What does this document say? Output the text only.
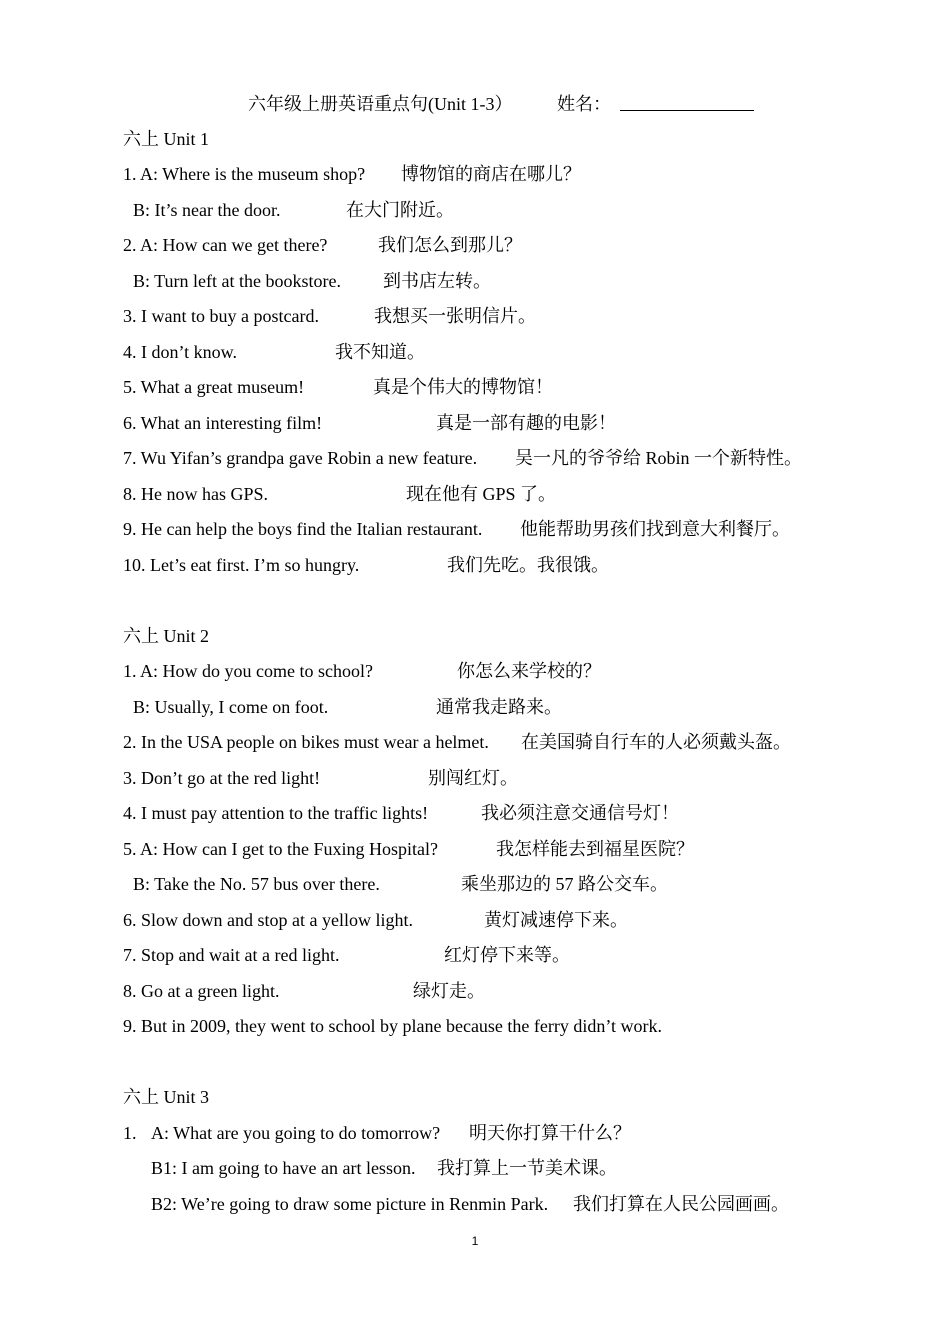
六年级上册英语重点句(Unit 1-3） 姓名：
六上 Unit 1
1. A: Where is the museum shop? 博物馆的商店在哪儿？
B: It’s near the door.	在大门附近。
2. A: How can we get there?	我们怎么到那儿？
B: Turn left at the bookstore. 到书店左转。
3. I want to buy a postcard.	我想买一张明信片。
4. I don’t know.	我不知道。
5. What a great museum!	真是个伟大的博物馆！
6. What an interesting film!	真是一部有趣的电影！
7. Wu Yifan’s grandpa gave Robin a new feature. 吴一凡的爷爷给 Robin 一个新特性。
8. He now has GPS.	现在他有 GPS 了。
9. He can help the boys find the Italian restaurant. 他能帮助男孩们找到意大利餐厅。
10. Let’s eat first. I’m so hungry.	我们先吃。我很饿。
六上 Unit 2
1. A: How do you come to school?	你怎么来学校的？
B: Usually, I come on foot.	通常我走路来。
2. In the USA people on bikes must wear a helmet. 在美国骑自行车的人必须戴头盔。
3. Don’t go at the red light!	别闯红灯。
4. I must pay attention to the traffic lights!	我必须注意交通信号灯！
5. A: How can I get to the Fuxing Hospital?	我怎样能去到福星医院？
B: Take the No. 57 bus over there.	乘坐那边的 57 路公交车。
6. Slow down and stop at a yellow light.	黄灯减速停下来。
7. Stop and wait at a red light.	红灯停下来等。
8. Go at a green light.	绿灯走。
9. But in 2009, they went to school by plane because the ferry didn’t work.
六上 Unit 3
1. A: What are you going to do tomorrow? 明天你打算干什么？
B1: I am going to have an art lesson. 我打算上一节美术课。
B2: We’re going to draw some picture in Renmin Park. 我们打算在人民公园画画。
1
